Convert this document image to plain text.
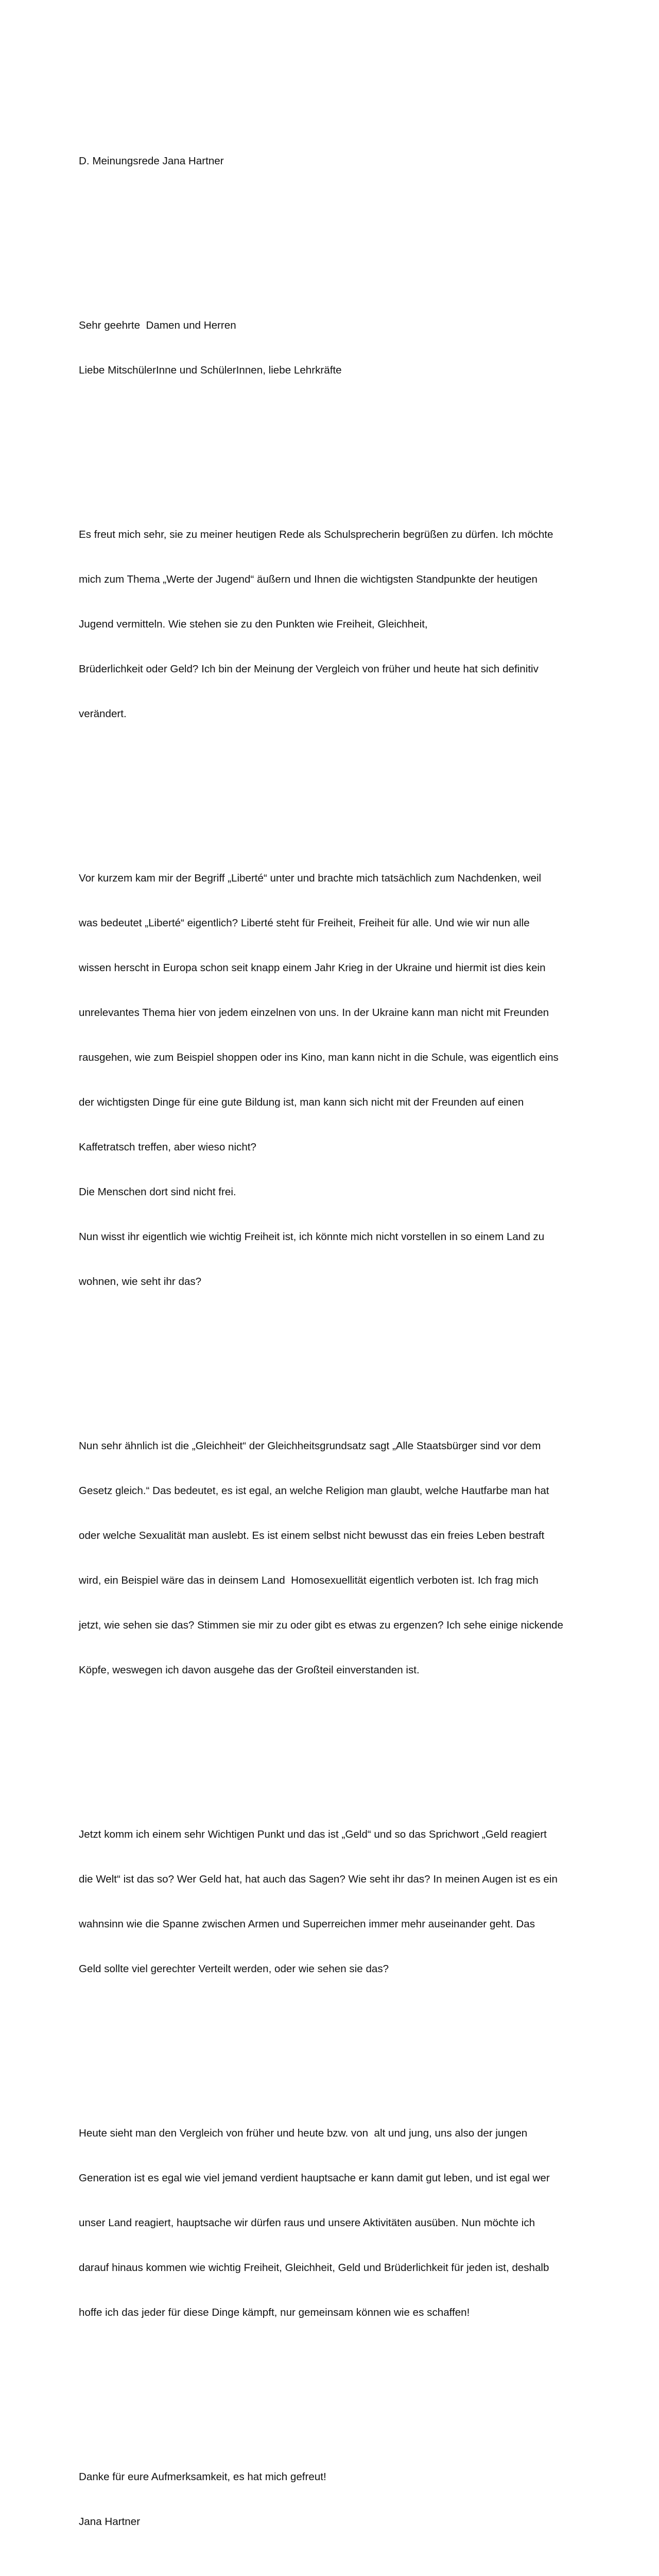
D. Meinungsrede Jana Hartner

Sehr geehrte  Damen und Herren

Liebe MitschülerInne und SchülerInnen, liebe Lehrkräfte

Es freut mich sehr, sie zu meiner heutigen Rede als Schulsprecherin begrüßen zu dürfen. Ich möchte

mich zum Thema „Werte der Jugend“ äußern und Ihnen die wichtigsten Standpunkte der heutigen

Jugend vermitteln. Wie stehen sie zu den Punkten wie Freiheit, Gleichheit,

Brüderlichkeit oder Geld? Ich bin der Meinung der Vergleich von früher und heute hat sich definitiv

verändert.

Vor kurzem kam mir der Begriff „Liberté“ unter und brachte mich tatsächlich zum Nachdenken, weil

was bedeutet „Liberté“ eigentlich? Liberté steht für Freiheit, Freiheit für alle. Und wie wir nun alle

wissen herscht in Europa schon seit knapp einem Jahr Krieg in der Ukraine und hiermit ist dies kein

unrelevantes Thema hier von jedem einzelnen von uns. In der Ukraine kann man nicht mit Freunden

rausgehen, wie zum Beispiel shoppen oder ins Kino, man kann nicht in die Schule, was eigentlich eins

der wichtigsten Dinge für eine gute Bildung ist, man kann sich nicht mit der Freunden auf einen

Kaffetratsch treffen, aber wieso nicht?

Die Menschen dort sind nicht frei.

Nun wisst ihr eigentlich wie wichtig Freiheit ist, ich könnte mich nicht vorstellen in so einem Land zu

wohnen, wie seht ihr das?

Nun sehr ähnlich ist die „Gleichheit“ der Gleichheitsgrundsatz sagt „Alle Staatsbürger sind vor dem

Gesetz gleich.“ Das bedeutet, es ist egal, an welche Religion man glaubt, welche Hautfarbe man hat

oder welche Sexualität man auslebt. Es ist einem selbst nicht bewusst das ein freies Leben bestraft

wird, ein Beispiel wäre das in deinsem Land  Homosexuellität eigentlich verboten ist. Ich frag mich

jetzt, wie sehen sie das? Stimmen sie mir zu oder gibt es etwas zu ergenzen? Ich sehe einige nickende

Köpfe, weswegen ich davon ausgehe das der Großteil einverstanden ist.

Jetzt komm ich einem sehr Wichtigen Punkt und das ist „Geld“ und so das Sprichwort „Geld reagiert

die Welt“ ist das so? Wer Geld hat, hat auch das Sagen? Wie seht ihr das? In meinen Augen ist es ein

wahnsinn wie die Spanne zwischen Armen und Superreichen immer mehr auseinander geht. Das

Geld sollte viel gerechter Verteilt werden, oder wie sehen sie das?

Heute sieht man den Vergleich von früher und heute bzw. von  alt und jung, uns also der jungen

Generation ist es egal wie viel jemand verdient hauptsache er kann damit gut leben, und ist egal wer

unser Land reagiert, hauptsache wir dürfen raus und unsere Aktivitäten ausüben. Nun möchte ich

darauf hinaus kommen wie wichtig Freiheit, Gleichheit, Geld und Brüderlichkeit für jeden ist, deshalb

hoffe ich das jeder für diese Dinge kämpft, nur gemeinsam können wie es schaffen!

Danke für eure Aufmerksamkeit, es hat mich gefreut!

Jana Hartner
